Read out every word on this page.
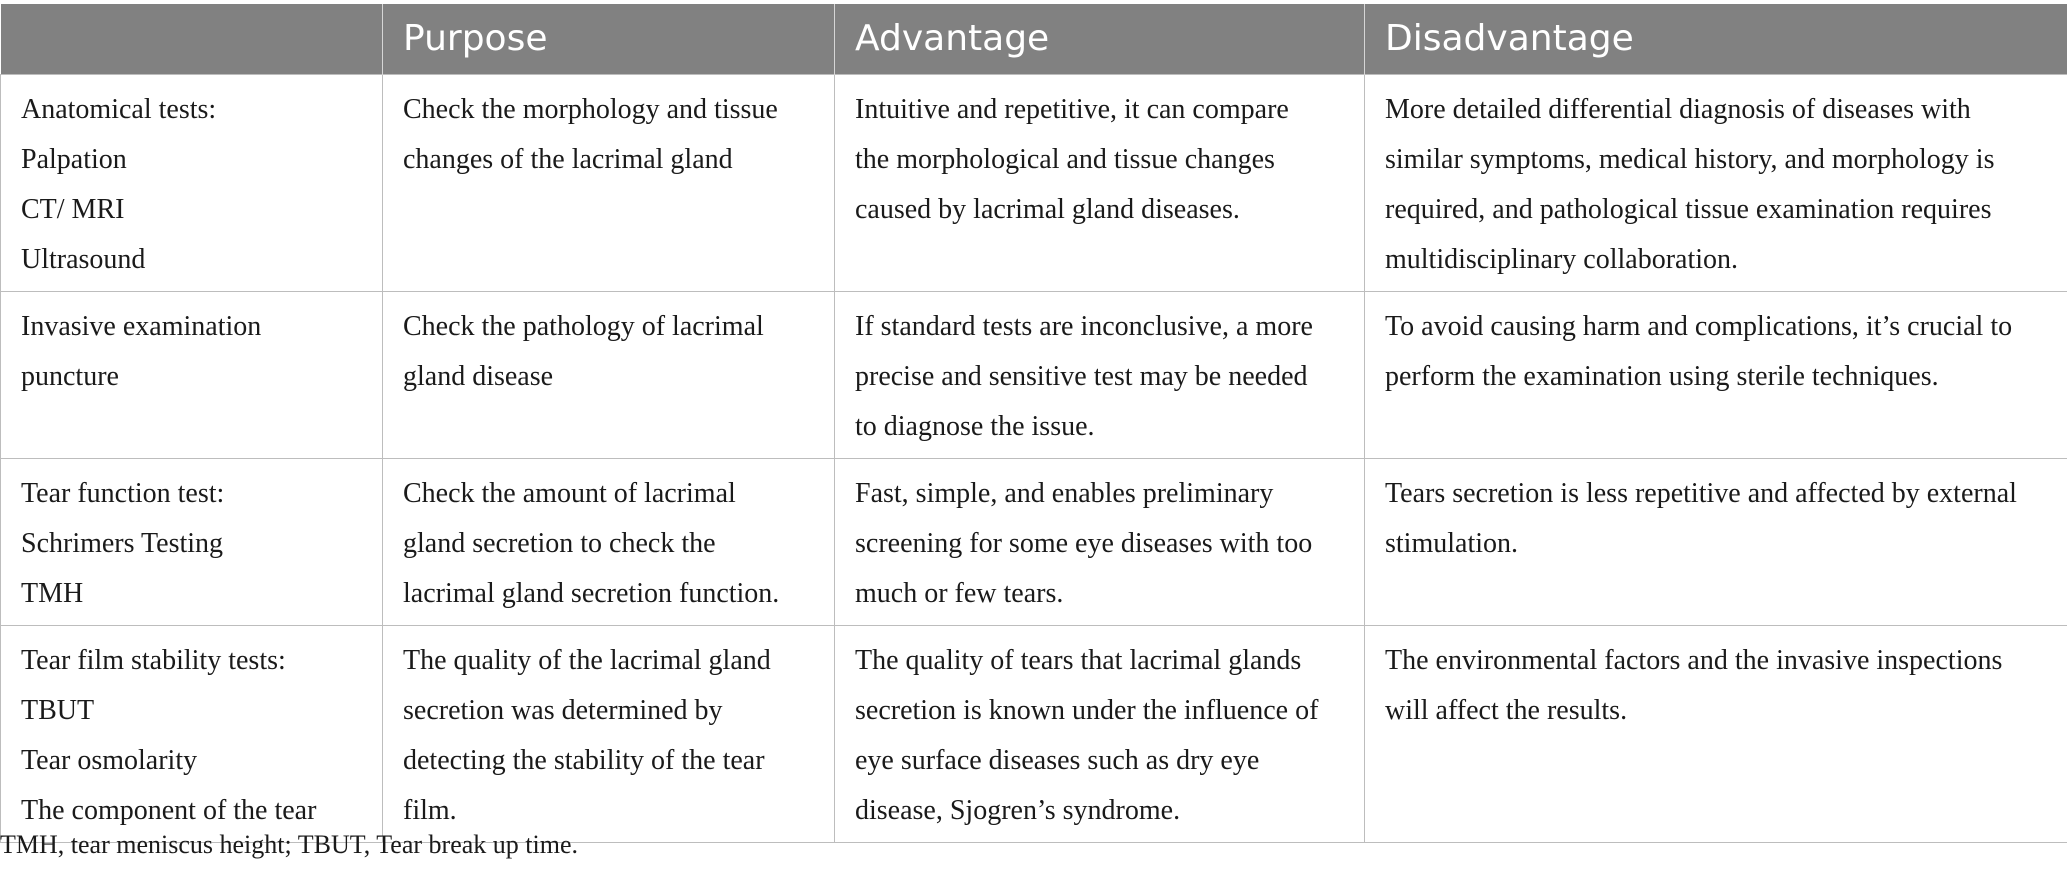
	Purpose	Advantage	Disadvantage

Anatomical tests:
Palpation
CT/ MRI
Ultrasound	Check the morphology and tissue
changes of the lacrimal gland	Intuitive and repetitive, it can compare
the morphological and tissue changes
caused by lacrimal gland diseases.	More detailed differential diagnosis of diseases with
similar symptoms, medical history, and morphology is
required, and pathological tissue examination requires
multidisciplinary collaboration.

Invasive examination
puncture	Check the pathology of lacrimal
gland disease	If standard tests are inconclusive, a more
precise and sensitive test may be needed
to diagnose the issue.	To avoid causing harm and complications, it’s crucial to
perform the examination using sterile techniques.

Tear function test:
Schrimers Testing
TMH	Check the amount of lacrimal
gland secretion to check the
lacrimal gland secretion function.	Fast, simple, and enables preliminary
screening for some eye diseases with too
much or few tears.	Tears secretion is less repetitive and affected by external
stimulation.

Tear film stability tests:
TBUT
Tear osmolarity
The component of the tear	The quality of the lacrimal gland
secretion was determined by
detecting the stability of the tear
film.	The quality of tears that lacrimal glands
secretion is known under the influence of
eye surface diseases such as dry eye
disease, Sjogren’s syndrome.	The environmental factors and the invasive inspections
will affect the results.
TMH, tear meniscus height; TBUT, Tear break up time.
